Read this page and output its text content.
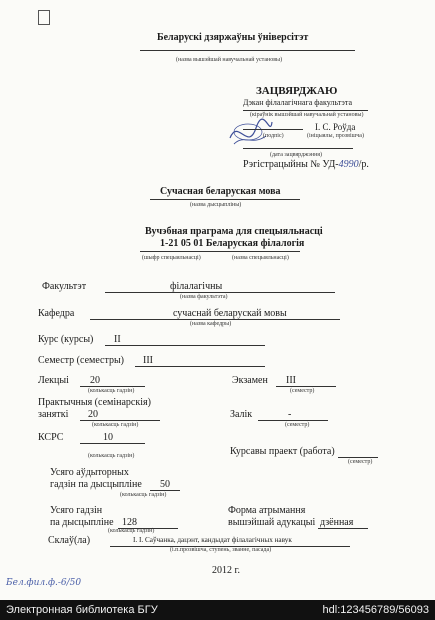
Беларускі дзяржаўны ўніверсітэт
(назва вышэйшай навучальнай установы)
ЗАЦВЯРДЖАЮ
Дэкан філалагічнага факультэта
(кіраўнік вышэйшай навучальнай установы)
І. С. Роўда
(подпіс)	(ініцыялы, прозвішча)
(дата зацвярджэння)
Рэгістрацыйны № УД-4990/р.
Сучасная беларуская мова
(назва дысцыпліны)
Вучэбная праграма для спецыяльнасці
1-21 05 01 Беларуская філалогія
(шыфр спецыяльнасці)	(назва спецыяльнасці)
Факультэт	філалагічны
(назва факультэта)
Кафедра	сучаснай беларускай мовы
(назва кафедры)
Курс (курсы) II
Семестр (семестры) III
Лекцыі 20
(колькасць гадзін)
Экзамен III
(семестр)
Практычныя (семінарскія)
заняткі 20
(колькасць гадзін)
Залік	-
(семестр)
КСРС	10
(колькасць гадзін)	Курсавы праект (работа)
(семестр)
Усяго аўдыторных
гадзін па дысцыпліне 50
(колькасць гадзін)
Усяго гадзін
па дысцыпліне 128
(колькасць гадзін)
Форма атрымання
вышэйшай адукацыі дзённая
Склаў(ла)	І. І. Саўчанка, дацэнт, кандыдат філалагічных навук
(і.п.прозвішча, ступень, званне, пасада)
2012 г.
Бел.фил.ф.-6/50
Электронная библиотека БГУ	hdl:123456789/56093
